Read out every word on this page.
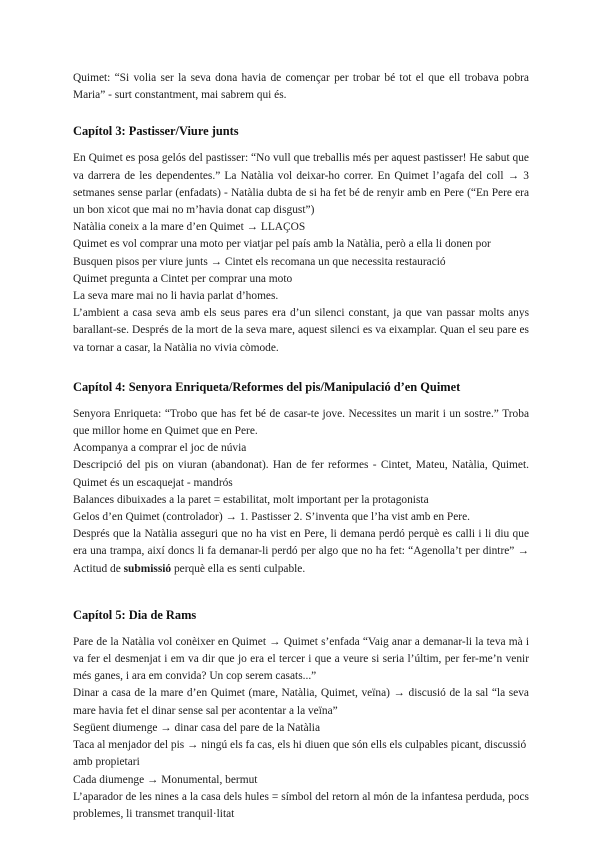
Quimet: “Si volia ser la seva dona havia de començar per trobar bé tot el que ell trobava pobra Maria” - surt constantment, mai sabrem qui és.

Capítol 3: Pastisser/Viure junts

En Quimet es posa gelós del pastisser: “No vull que treballis més per aquest pastisser! He sabut que va darrera de les dependentes.” La Natàlia vol deixar-ho correr. En Quimet l’agafa del coll → 3 setmanes sense parlar (enfadats) - Natàlia dubta de si ha fet bé de renyir amb en Pere (“En Pere era un bon xicot que mai no m’havia donat cap disgust”)

Natàlia coneix a la mare d’en Quimet → LLAÇOS

Quimet es vol comprar una moto per viatjar pel país amb la Natàlia, però a ella li donen por

Busquen pisos per viure junts → Cintet els recomana un que necessita restauració

Quimet pregunta a Cintet per comprar una moto

La seva mare mai no li havia parlat d’homes.

L’ambient a casa seva amb els seus pares era d’un silenci constant, ja que van passar molts anys barallant-se. Després de la mort de la seva mare, aquest silenci es va eixamplar. Quan el seu pare es va tornar a casar, la Natàlia no vivia còmode.

Capítol 4: Senyora Enriqueta/Reformes del pis/Manipulació d’en Quimet

Senyora Enriqueta: “Trobo que has fet bé de casar-te jove. Necessites un marit i un sostre.” Troba que millor home en Quimet que en Pere.

Acompanya a comprar el joc de núvia

Descripció del pis on viuran (abandonat). Han de fer reformes - Cintet, Mateu, Natàlia, Quimet. Quimet és un escaquejat - mandrós

Balances dibuixades a la paret = estabilitat, molt important per la protagonista

Gelos d’en Quimet (controlador) → 1. Pastisser 2. S’inventa que l’ha vist amb en Pere.

Després que la Natàlia asseguri que no ha vist en Pere, li demana perdó perquè es calli i li diu que era una trampa, així doncs li fa demanar-li perdó per algo que no ha fet: “Agenolla’t per dintre” → Actitud de submissió perquè ella es senti culpable.

Capítol 5: Dia de Rams

Pare de la Natàlia vol conèixer en Quimet → Quimet s’enfada “Vaig anar a demanar-li la teva mà i va fer el desmenjat i em va dir que jo era el tercer i que a veure si seria l’últim, per fer-me’n venir més ganes, i ara em convida? Un cop serem casats...”

Dinar a casa de la mare d’en Quimet (mare, Natàlia, Quimet, veïna) → discusió de la sal “la seva mare havia fet el dinar sense sal per acontentar a la veïna”

Següent diumenge → dinar casa del pare de la Natàlia

Taca al menjador del pis → ningú els fa cas, els hi diuen que són ells els culpables picant, discussió amb propietari

Cada diumenge → Monumental, bermut

L’aparador de les nines a la casa dels hules = símbol del retorn al món de la infantesa perduda, pocs problemes, li transmet tranquil·litat
